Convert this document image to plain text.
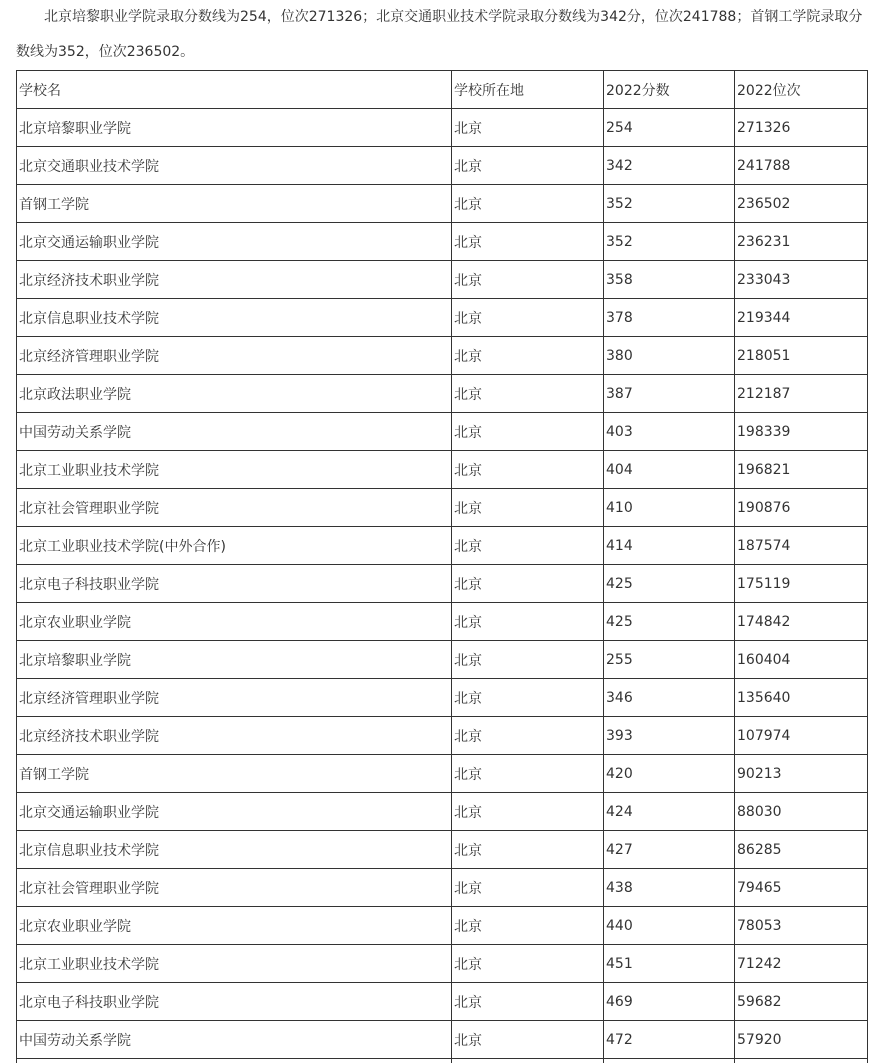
北京培黎职业学院录取分数线为254，位次271326；北京交通职业技术学院录取分数线为342分，位次241788；首钢工学院录取分数线为352，位次236502。

学校名	学校所在地	2022分数	2022位次
北京培黎职业学院	北京	254	271326
北京交通职业技术学院	北京	342	241788
首钢工学院	北京	352	236502
北京交通运输职业学院	北京	352	236231
北京经济技术职业学院	北京	358	233043
北京信息职业技术学院	北京	378	219344
北京经济管理职业学院	北京	380	218051
北京政法职业学院	北京	387	212187
中国劳动关系学院	北京	403	198339
北京工业职业技术学院	北京	404	196821
北京社会管理职业学院	北京	410	190876
北京工业职业技术学院(中外合作)	北京	414	187574
北京电子科技职业学院	北京	425	175119
北京农业职业学院	北京	425	174842
北京培黎职业学院	北京	255	160404
北京经济管理职业学院	北京	346	135640
北京经济技术职业学院	北京	393	107974
首钢工学院	北京	420	90213
北京交通运输职业学院	北京	424	88030
北京信息职业技术学院	北京	427	86285
北京社会管理职业学院	北京	438	79465
北京农业职业学院	北京	440	78053
北京工业职业技术学院	北京	451	71242
北京电子科技职业学院	北京	469	59682
中国劳动关系学院	北京	472	57920
